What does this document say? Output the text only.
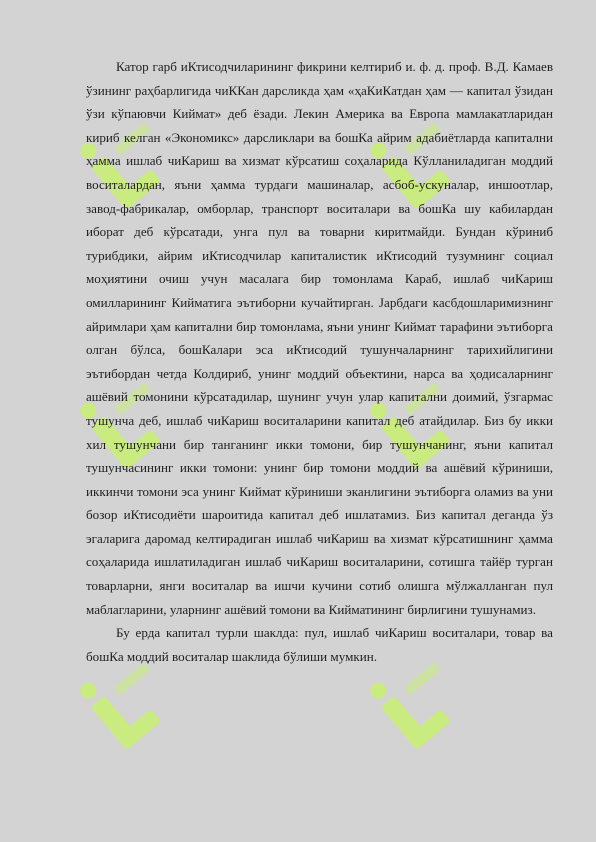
Катор гарб иКтисодчиларининг фикрини келтириб и. ф. д. проф. В.Д. Камаев ўзининг раҳбарлигида чиККан дарсликда ҳам «ҳаКиКатдан ҳам — капитал ўзидан ўзи кўпаювчи Киймат» деб ёзади. Лекин Америка ва Европа мамлакатларидан кириб келган «Экономикс» дарсликлари ва бошКа айрим адабиётларда капитални ҳамма ишлаб чиКариш ва хизмат кўрсатиш соҳаларида Кўлланиладиган моддий воситалардан, яъни ҳамма турдаги машиналар, асбоб-ускуналар, иншоотлар, завод-фабрикалар, омборлар, транспорт воситалари ва бошКа шу кабилардан иборат деб кўрсатади, унга пул ва товарни киритмайди. Бундан кўриниб турибдики, айрим иКтисодчилар капиталистик иКтисодий тузумнинг социал моҳиятини очиш учун масалага бир томонлама Караб, ишлаб чиКариш омилларининг Кийматига эътиборни кучайтирган. Jарбдаги касбдошларимизнинг айримлари ҳам капитални бир томонлама, яъни унинг Киймат тарафини эътиборга олган бўлса, бошКалари эса иКтисодий тушунчаларнинг тарихийлигини эътибордан четда Колдириб, унинг моддий объектини, нарса ва ҳодисаларнинг ашёвий томонини кўрсатадилар, шунинг учун улар капитални доимий, ўзгармас тушунча деб, ишлаб чиКариш воситаларини капитал деб атайдилар. Биз бу икки хил тушунчани бир танганинг икки томони, бир тушунчанинг, яъни капитал тушунчасининг икки томони: унинг бир томони моддий ва ашёвий кўриниши, иккинчи томони эса унинг Киймат кўриниши эканлигини эътиборга оламиз ва уни бозор иКтисодиёти шароитида капитал деб ишлатамиз. Биз капитал деганда ўз эгаларига даромад келтирадиган ишлаб чиКариш ва хизмат кўрсатишнинг ҳамма соҳаларида ишлатиладиган ишлаб чиКариш воситаларини, сотишга тайёр турган товарларни, янги воситалар ва ишчи кучини сотиб олишга мўлжалланган пул маблагларини, уларнинг ашёвий томони ва Кийматининг бирлигини тушунамиз.

Бу ерда капитал турли шаклда: пул, ишлаб чиКариш воситалари, товар ва бошКа моддий воситалар шаклида бўлиши мумкин.
